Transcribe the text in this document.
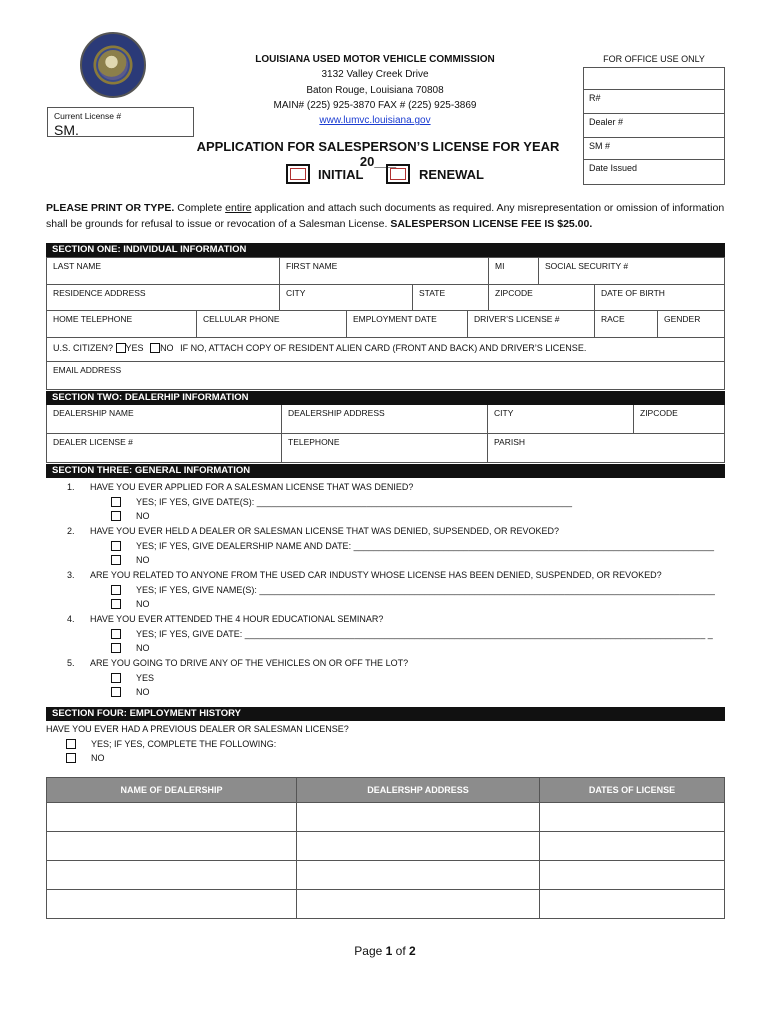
LOUISIANA USED MOTOR VEHICLE COMMISSION
3132 Valley Creek Drive
Baton Rouge, Louisiana 70808
MAIN# (225) 925-3870 FAX # (225) 925-3869
www.lumvc.louisiana.gov
FOR OFFICE USE ONLY
R#
Dealer #
SM #
Date Issued
Current License #
SM.
APPLICATION FOR SALESPERSON’S LICENSE FOR YEAR 20___
INITIAL	RENEWAL
PLEASE PRINT OR TYPE. Complete entire application and attach such documents as required. Any misrepresentation or omission of information shall be grounds for refusal to issue or revocation of a Salesman License. SALESPERSON LICENSE FEE IS $25.00.
SECTION ONE: INDIVIDUAL INFORMATION
LAST NAME	FIRST NAME	MI	SOCIAL SECURITY #
RESIDENCE ADDRESS	CITY	STATE	ZIPCODE	DATE OF BIRTH
HOME TELEPHONE	CELLULAR PHONE	EMPLOYMENT DATE	DRIVER’S LICENSE #	RACE	GENDER
U.S. CITIZEN? YES NO IF NO, ATTACH COPY OF RESIDENT ALIEN CARD (FRONT AND BACK) AND DRIVER’S LICENSE.
EMAIL ADDRESS
SECTION TWO: DEALERHIP INFORMATION
DEALERSHIP NAME	DEALERSHIP ADDRESS	CITY	ZIPCODE
DEALER LICENSE #	TELEPHONE	PARISH
SECTION THREE: GENERAL INFORMATION
1. HAVE YOU EVER APPLIED FOR A SALESMAN LICENSE THAT WAS DENIED?
YES; IF YES, GIVE DATE(S): _______________________________________________________________
NO
2. HAVE YOU EVER HELD A DEALER OR SALESMAN LICENSE THAT WAS DENIED, SUPSENDED, OR REVOKED?
YES; IF YES, GIVE DEALERSHIP NAME AND DATE: ________________________________________________________________________
NO
3. ARE YOU RELATED TO ANYONE FROM THE USED CAR INDUSTY WHOSE LICENSE HAS BEEN DENIED, SUSPENDED, OR REVOKED?
YES; IF YES, GIVE NAME(S): ___________________________________________________________________________________________
NO
4. HAVE YOU EVER ATTENDED THE 4 HOUR EDUCATIONAL SEMINAR?
YES; IF YES, GIVE DATE: ____________________________________________________________________________________________ _
NO
5. ARE YOU GOING TO DRIVE ANY OF THE VEHICLES ON OR OFF THE LOT?
YES
NO
SECTION FOUR: EMPLOYMENT HISTORY
HAVE YOU EVER HAD A PREVIOUS DEALER OR SALESMAN LICENSE?
YES; IF YES, COMPLETE THE FOLLOWING:
NO
NAME OF DEALERSHIP	DEALERSHP ADDRESS	DATES OF LICENSE

Page 1 of 2
